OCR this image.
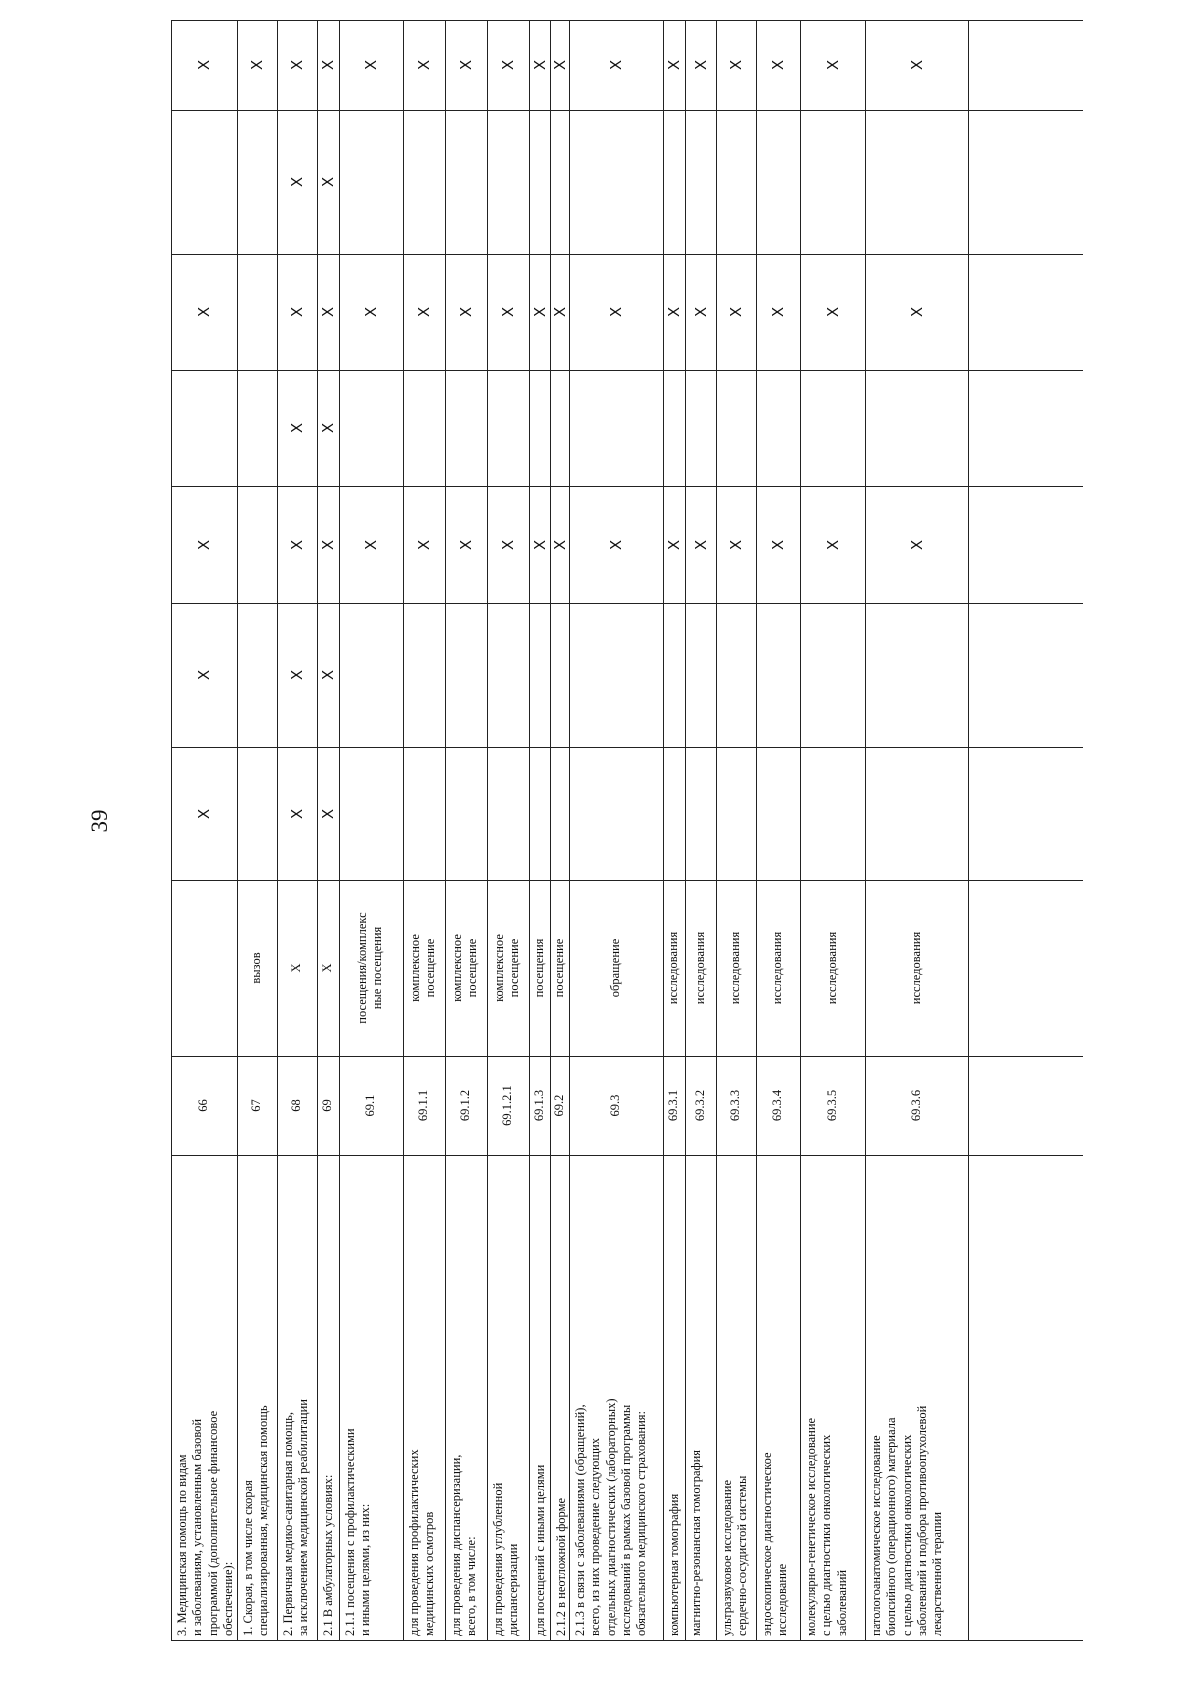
39
3. Медицинская помощь по видам
и заболеваниям, установленным базовой
программой (дополнительное финансовое
обеспечение):
66
X
X
X
X
X
1. Скорая, в том числе скорая
специализированная, медицинская помощь
67
вызов
X
2. Первичная медико-санитарная помощь,
за исключением медицинской реабилитации
68
Х
X
X
X
X
X
X
X
2.1 В амбулаторных условиях:
69
Х
X
X
X
X
X
X
X
2.1.1 посещения с профилактическими
и иными целями, из них:
69.1
посещения/комплекс
ные посещения
X
X
X
для проведения профилактических
медицинских осмотров
69.1.1
комплексное
посещение
X
X
X
для проведения диспансеризации,
всего, в том числе:
69.1.2
комплексное
посещение
X
X
X
для проведения углубленной
диспансеризации
69.1.2.1
комплексное
посещение
X
X
X
для посещений с иными целями
69.1.3
посещения
X
X
X
2.1.2 в неотложной форме
69.2
посещение
X
X
X
2.1.3 в связи с заболеваниями (обращений),
всего, из них проведение следующих
отдельных диагностических (лабораторных)
исследований в рамках базовой программы
обязательного медицинского страхования:
69.3
обращение
X
X
X
компьютерная томография
69.3.1
исследования
X
X
X
магнитно-резонансная томография
69.3.2
исследования
X
X
X
ультразвуковое исследование
сердечно-сосудистой системы
69.3.3
исследования
X
X
X
эндоскопическое диагностическое
исследование
69.3.4
исследования
X
X
X
молекулярно-генетическое исследование
с целью диагностики онкологических
заболеваний
69.3.5
исследования
X
X
X
патологоанатомическое исследование
биопсийного (операционного) материала
с целью диагностики онкологических
заболеваний и подбора противоопухолевой
лекарственной терапии
69.3.6
исследования
X
X
X
